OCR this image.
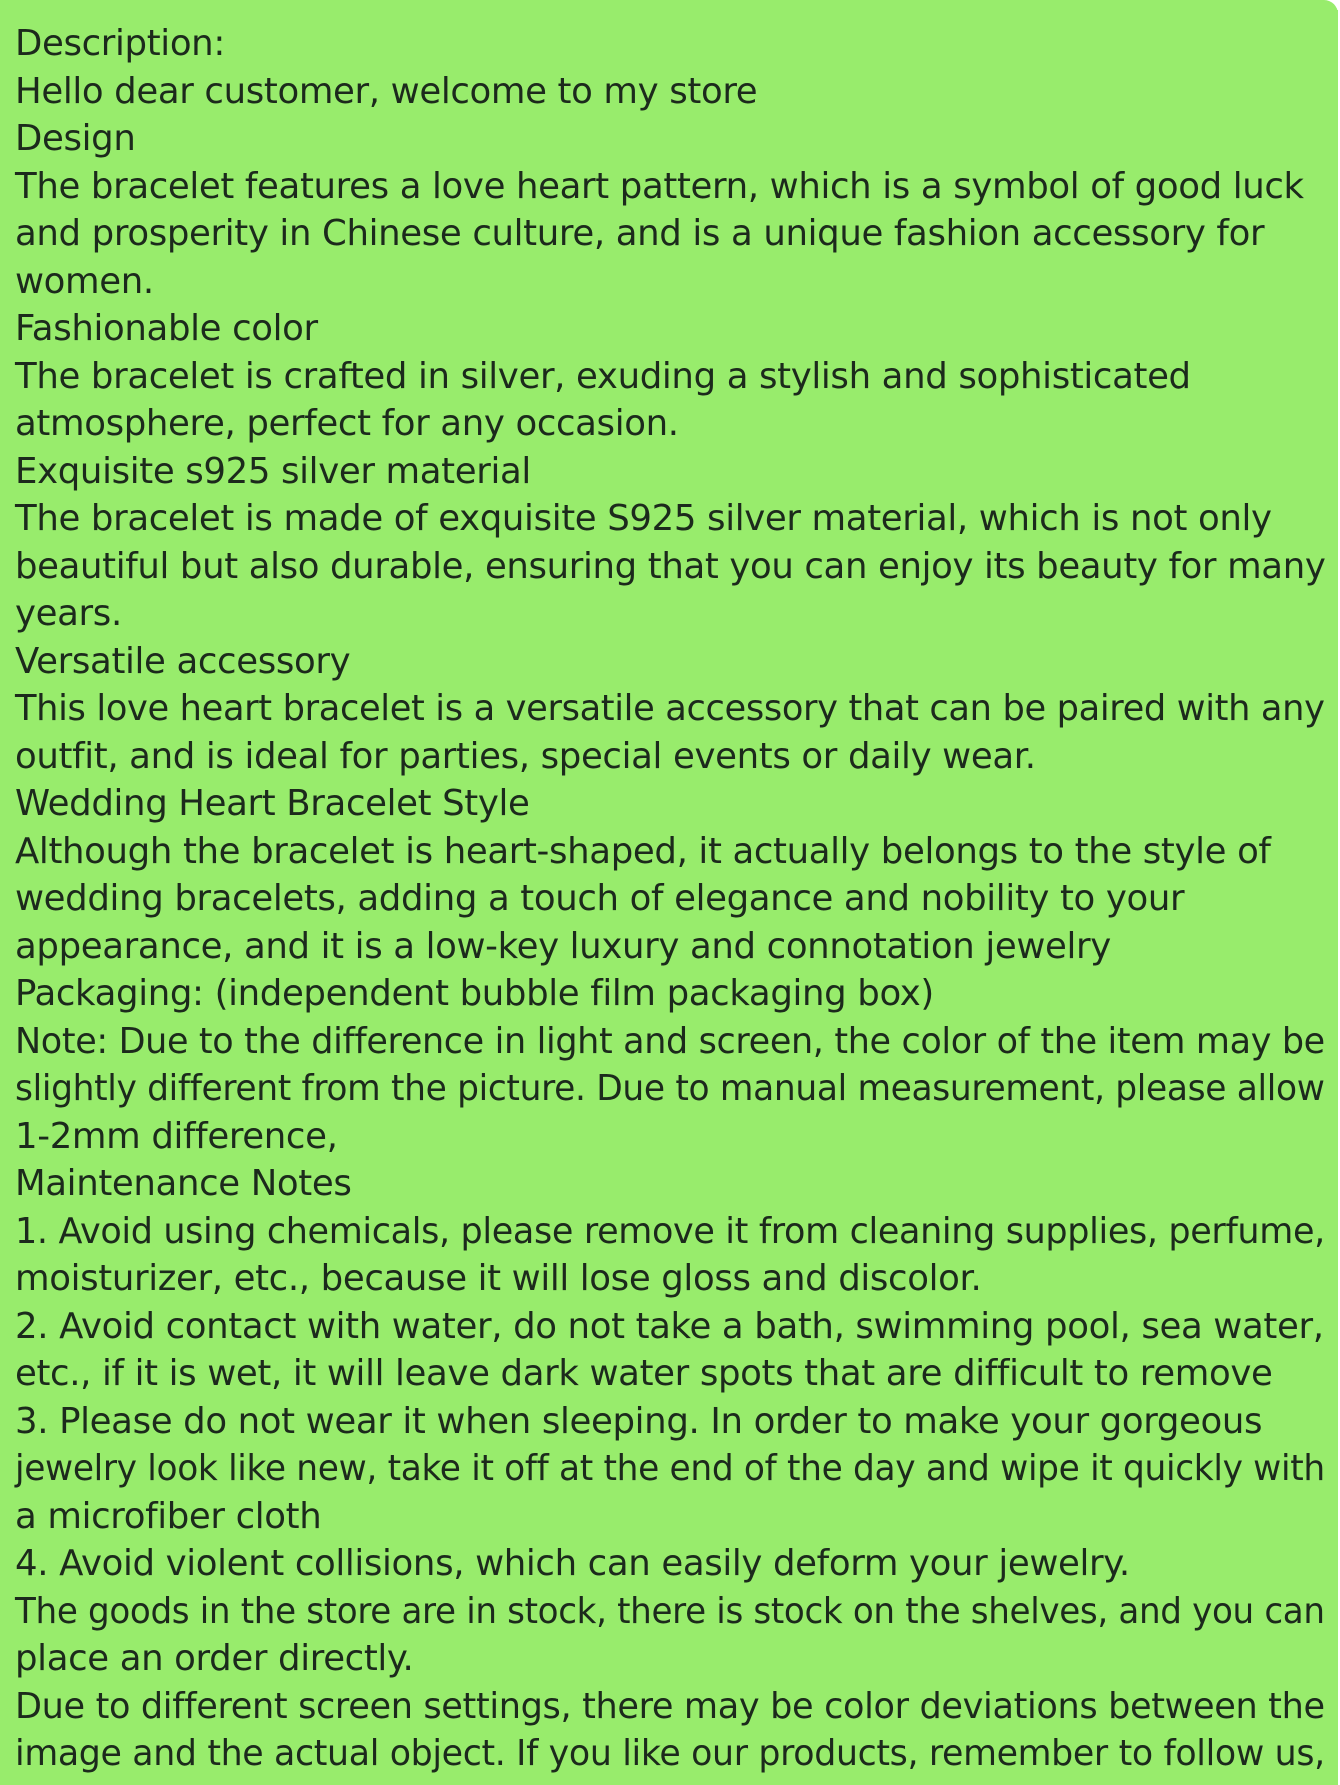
Description:
Hello dear customer, welcome to my store
Design
The bracelet features a love heart pattern, which is a symbol of good luck
and prosperity in Chinese culture, and is a unique fashion accessory for
women.
Fashionable color
The bracelet is crafted in silver, exuding a stylish and sophisticated
atmosphere, perfect for any occasion.
Exquisite s925 silver material
The bracelet is made of exquisite S925 silver material, which is not only
beautiful but also durable, ensuring that you can enjoy its beauty for many
years.
Versatile accessory
This love heart bracelet is a versatile accessory that can be paired with any
outfit, and is ideal for parties, special events or daily wear.
Wedding Heart Bracelet Style
Although the bracelet is heart-shaped, it actually belongs to the style of
wedding bracelets, adding a touch of elegance and nobility to your
appearance, and it is a low-key luxury and connotation jewelry
Packaging: (independent bubble film packaging box)
Note: Due to the difference in light and screen, the color of the item may be
slightly different from the picture. Due to manual measurement, please allow
1-2mm difference,
Maintenance Notes
1. Avoid using chemicals, please remove it from cleaning supplies, perfume,
moisturizer, etc., because it will lose gloss and discolor.
2. Avoid contact with water, do not take a bath, swimming pool, sea water,
etc., if it is wet, it will leave dark water spots that are difficult to remove
3. Please do not wear it when sleeping. In order to make your gorgeous
jewelry look like new, take it off at the end of the day and wipe it quickly with
a microfiber cloth
4. Avoid violent collisions, which can easily deform your jewelry.
The goods in the store are in stock, there is stock on the shelves, and you can
place an order directly.
Due to different screen settings, there may be color deviations between the
image and the actual object. If you like our products, remember to follow us,
